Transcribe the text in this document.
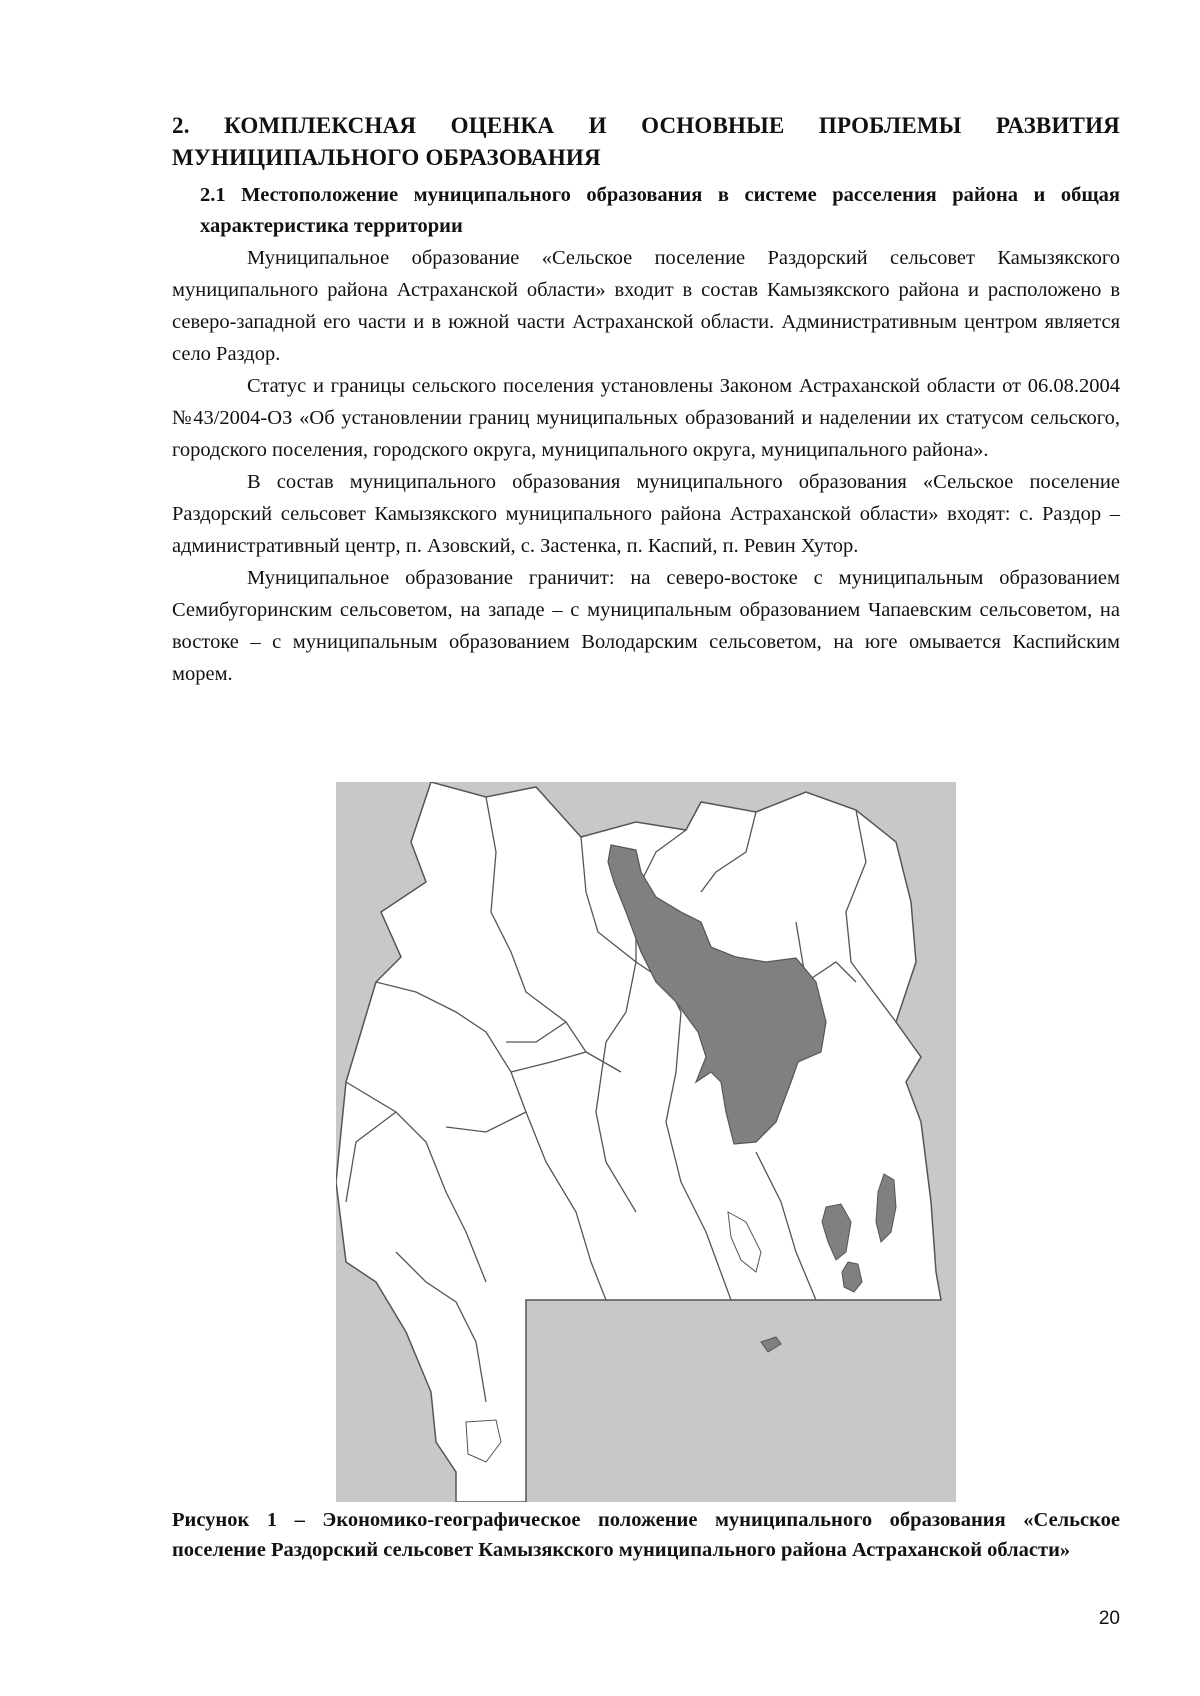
2. КОМПЛЕКСНАЯ ОЦЕНКА И ОСНОВНЫЕ ПРОБЛЕМЫ РАЗВИТИЯ МУНИЦИПАЛЬНОГО ОБРАЗОВАНИЯ
2.1 Местоположение муниципального образования в системе расселения района и общая характеристика территории

Муниципальное образование «Сельское поселение Раздорский сельсовет Камызякского муниципального района Астраханской области» входит в состав Камызякского района и расположено в северо-западной его части и в южной части Астраханской области. Административным центром является село Раздор.

Статус и границы сельского поселения установлены Законом Астраханской области от 06.08.2004 №43/2004-ОЗ «Об установлении границ муниципальных образований и наделении их статусом сельского, городского поселения, городского округа, муниципального округа, муниципального района».

В состав муниципального образования муниципального образования «Сельское поселение Раздорский сельсовет Камызякского муниципального района Астраханской области» входят: с. Раздор – административный центр, п. Азовский, с. Застенка, п. Каспий, п. Ревин Хутор.

Муниципальное образование граничит: на северо-востоке с муниципальным образованием Семибугоринским сельсоветом, на западе – с муниципальным образованием Чапаевским сельсоветом, на востоке – с муниципальным образованием Володарским сельсоветом, на юге омывается Каспийским морем.

Рисунок 1 – Экономико-географическое положение муниципального образования «Сельское поселение Раздорский сельсовет Камызякского муниципального района Астраханской области»
20
